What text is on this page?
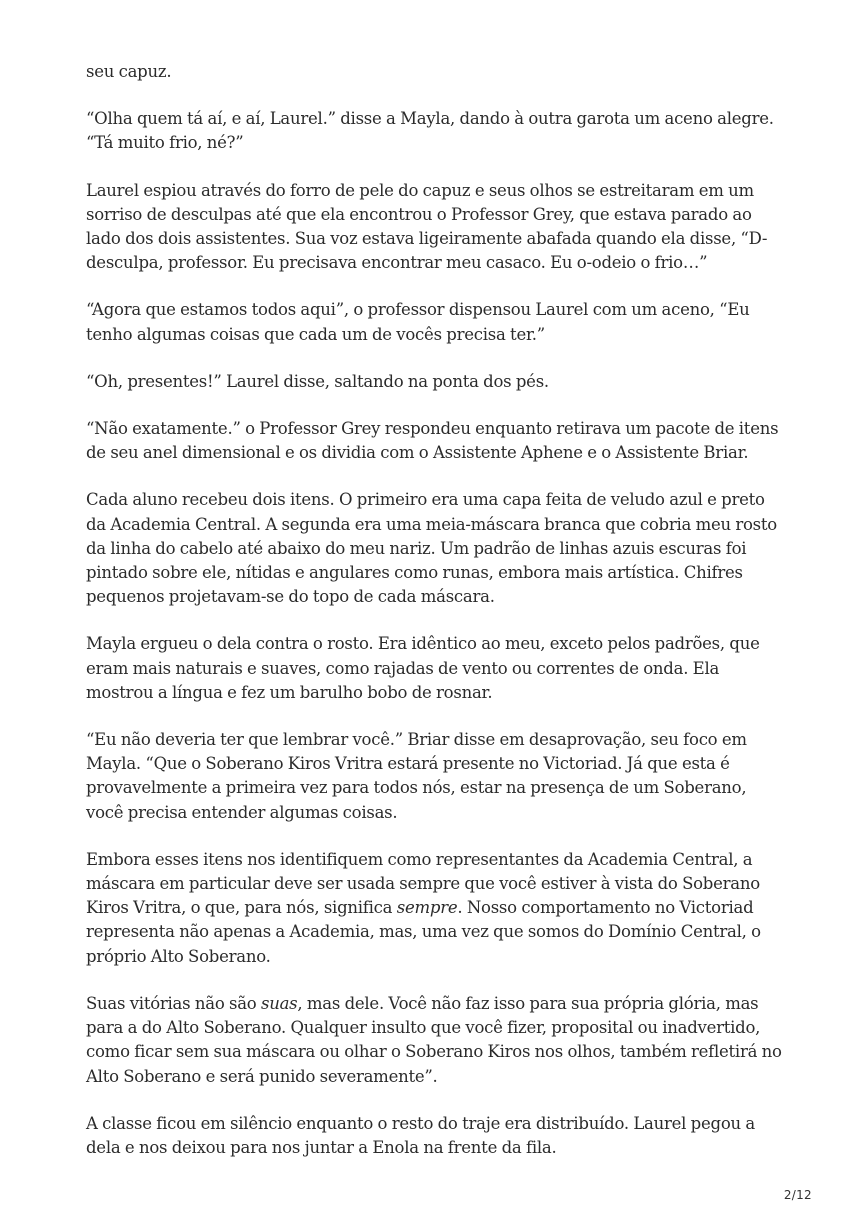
seu capuz.

“Olha quem tá aí, e aí, Laurel.” disse a Mayla, dando à outra garota um aceno alegre. “Tá muito frio, né?”

Laurel espiou através do forro de pele do capuz e seus olhos se estreitaram em um sorriso de desculpas até que ela encontrou o Professor Grey, que estava parado ao lado dos dois assistentes. Sua voz estava ligeiramente abafada quando ela disse, “D-desculpa, professor. Eu precisava encontrar meu casaco. Eu o-odeio o frio…”

“Agora que estamos todos aqui”, o professor dispensou Laurel com um aceno, “Eu tenho algumas coisas que cada um de vocês precisa ter.”

“Oh, presentes!” Laurel disse, saltando na ponta dos pés.

“Não exatamente.” o Professor Grey respondeu enquanto retirava um pacote de itens de seu anel dimensional e os dividia com o Assistente Aphene e o Assistente Briar.

Cada aluno recebeu dois itens. O primeiro era uma capa feita de veludo azul e preto da Academia Central. A segunda era uma meia-máscara branca que cobria meu rosto da linha do cabelo até abaixo do meu nariz. Um padrão de linhas azuis escuras foi pintado sobre ele, nítidas e angulares como runas, embora mais artística. Chifres pequenos projetavam-se do topo de cada máscara.

Mayla ergueu o dela contra o rosto. Era idêntico ao meu, exceto pelos padrões, que eram mais naturais e suaves, como rajadas de vento ou correntes de onda. Ela mostrou a língua e fez um barulho bobo de rosnar.

“Eu não deveria ter que lembrar você.” Briar disse em desaprovação, seu foco em Mayla. “Que o Soberano Kiros Vritra estará presente no Victoriad. Já que esta é provavelmente a primeira vez para todos nós, estar na presença de um Soberano, você precisa entender algumas coisas.

Embora esses itens nos identifiquem como representantes da Academia Central, a máscara em particular deve ser usada sempre que você estiver à vista do Soberano Kiros Vritra, o que, para nós, significa sempre. Nosso comportamento no Victoriad representa não apenas a Academia, mas, uma vez que somos do Domínio Central, o próprio Alto Soberano.

Suas vitórias não são suas, mas dele. Você não faz isso para sua própria glória, mas para a do Alto Soberano. Qualquer insulto que você fizer, proposital ou inadvertido, como ficar sem sua máscara ou olhar o Soberano Kiros nos olhos, também refletirá no Alto Soberano e será punido severamente”.

A classe ficou em silêncio enquanto o resto do traje era distribuído. Laurel pegou a dela e nos deixou para nos juntar a Enola na frente da fila.

2/12
